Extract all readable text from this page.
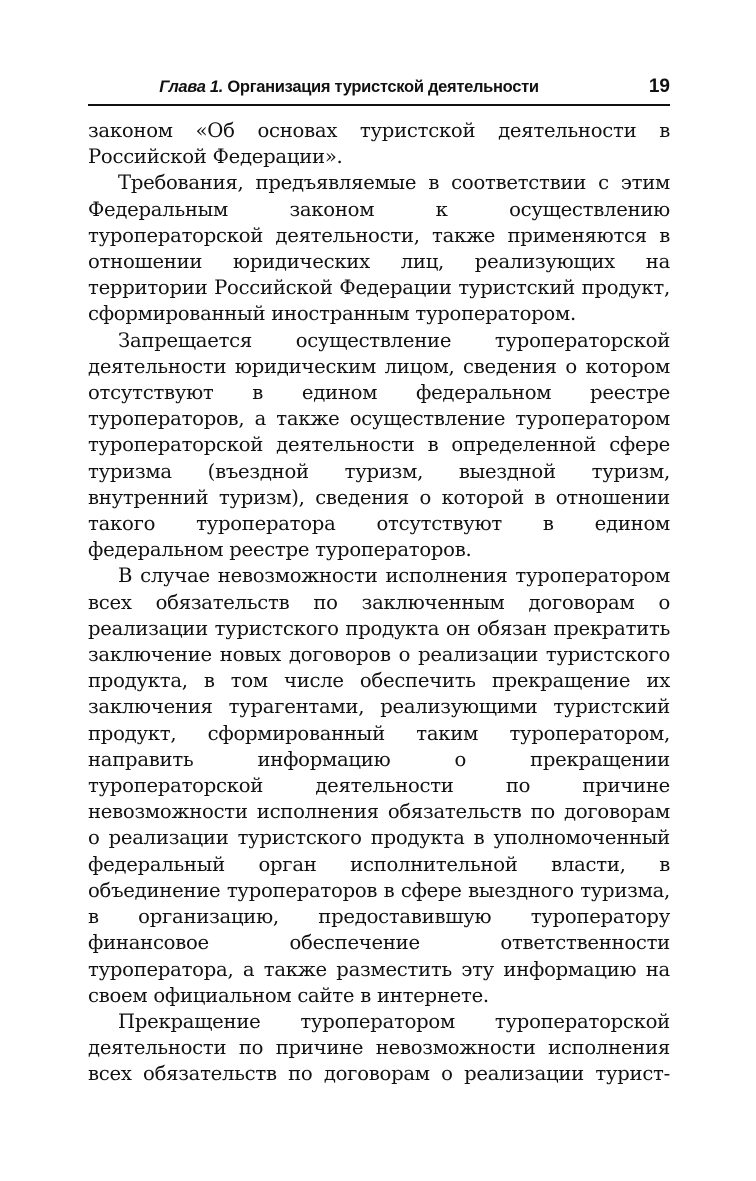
Глава 1. Организация туристской деятельности	19

законом «Об основах туристской деятельности в Российской Федерации».

Требования, предъявляемые в соответствии с этим Федеральным законом к осуществлению туроператорской деятельности, также применяются в отношении юридических лиц, реализующих на территории Российской Федерации туристский продукт, сформированный иностранным туроператором.

Запрещается осуществление туроператорской деятельности юридическим лицом, сведения о котором отсутствуют в едином федеральном реестре туроператоров, а также осуществление туроператором туроператорской деятельности в определенной сфере туризма (въездной туризм, выездной туризм, внутренний туризм), сведения о которой в отношении такого туроператора отсутствуют в едином федеральном реестре туроператоров.

В случае невозможности исполнения туроператором всех обязательств по заключенным договорам о реализации туристского продукта он обязан прекратить заключение новых договоров о реализации туристского продукта, в том числе обеспечить прекращение их заключения турагентами, реализующими туристский продукт, сформированный таким туроператором, направить информацию о прекращении туроператорской деятельности по причине невозможности исполнения обязательств по договорам о реализации туристского продукта в уполномоченный федеральный орган исполнительной власти, в объединение туроператоров в сфере выездного туризма, в организацию, предоставившую туроператору финансовое обеспечение ответственности туроператора, а также разместить эту информацию на своем официальном сайте в интернете.

Прекращение туроператором туроператорской деятельности по причине невозможности исполнения всех обязательств по договорам о реализации турист-
